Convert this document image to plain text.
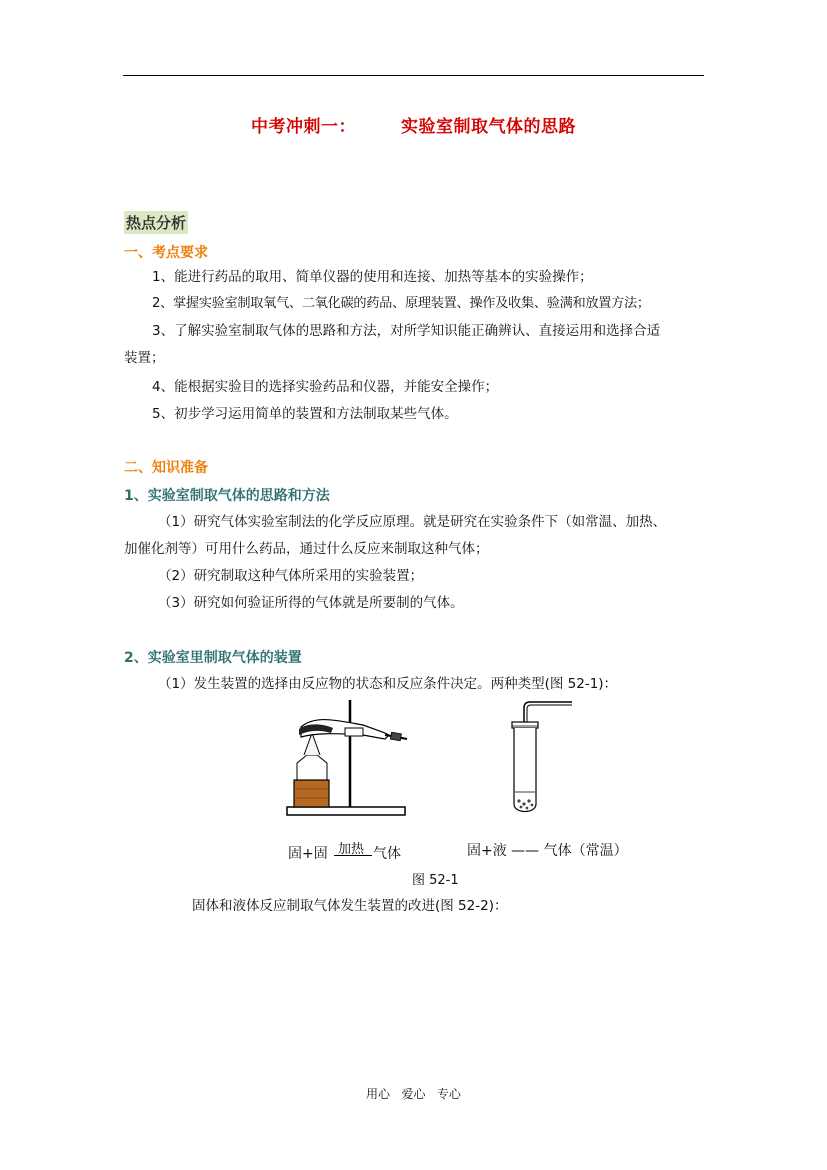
中考冲刺一：       实验室制取气体的思路
热点分析
一、考点要求
1、能进行药品的取用、简单仪器的使用和连接、加热等基本的实验操作；
2、掌握实验室制取氧气、二氧化碳的药品、原理装置、操作及收集、验满和放置方法；
3、了解实验室制取气体的思路和方法，对所学知识能正确辨认、直接运用和选择合适
装置；
4、能根据实验目的选择实验药品和仪器，并能安全操作；
5、初步学习运用简单的装置和方法制取某些气体。
二、知识准备
1、实验室制取气体的思路和方法
（1）研究气体实验室制法的化学反应原理。就是研究在实验条件下（如常温、加热、
加催化剂等）可用什么药品，通过什么反应来制取这种气体；
（2）研究制取这种气体所采用的实验装置；
（3）研究如何验证所得的气体就是所要制的气体。
2、实验室里制取气体的装置
（1）发生装置的选择由反应物的状态和反应条件决定。两种类型(图 52-1)：
固+固 加热 气体	固+液 —— 气体（常温）
图 52-1
固体和液体反应制取气体发生装置的改进(图 52-2)：
用心   爱心   专心
